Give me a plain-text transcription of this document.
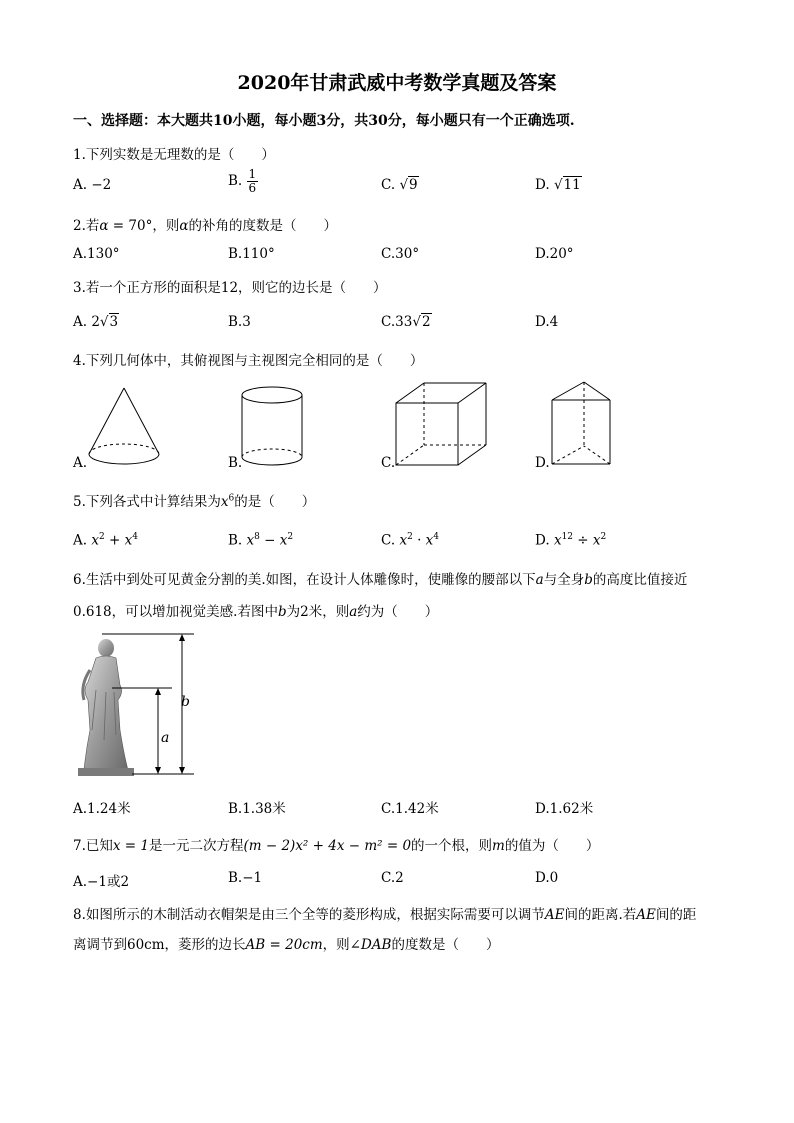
2020年甘肃武威中考数学真题及答案
一、选择题：本大题共10小题，每小题3分，共30分，每小题只有一个正确选项.
1.下列实数是无理数的是（　　）
A. −2	B. $\frac{1}{6}$	C. √9	D. √11
2.若α = 70°，则α的补角的度数是（　　）
A.130°	B.110°	C.30°	D.20°
3.若一个正方形的面积是12，则它的边长是（　　）
A. 2√3	B.3	C.33√2	D.4
4.下列几何体中，其俯视图与主视图完全相同的是（　　）
A.	B.	C.	D.
5.下列各式中计算结果为$x^6$的是（　　）
A. $x^2 + x^4$	B. $x^8 - x^2$	C. $x^2 \cdot x^4$	D. $x^{12} \div x^2$
6.生活中到处可见黄金分割的美.如图，在设计人体雕像时，使雕像的腰部以下a与全身b的高度比值接近
0.618，可以增加视觉美感.若图中b为2米，则a约为（　　）
b
a
A.1.24米	B.1.38米	C.1.42米	D.1.62米
7.已知x = 1是一元二次方程(m − 2)x² + 4x − m² = 0的一个根，则m的值为（　　）
A.−1或2	B.−1	C.2	D.0
8.如图所示的木制活动衣帽架是由三个全等的菱形构成，根据实际需要可以调节AE间的距离.若AE间的距
离调节到60cm，菱形的边长AB = 20cm，则∠DAB的度数是（　　）
